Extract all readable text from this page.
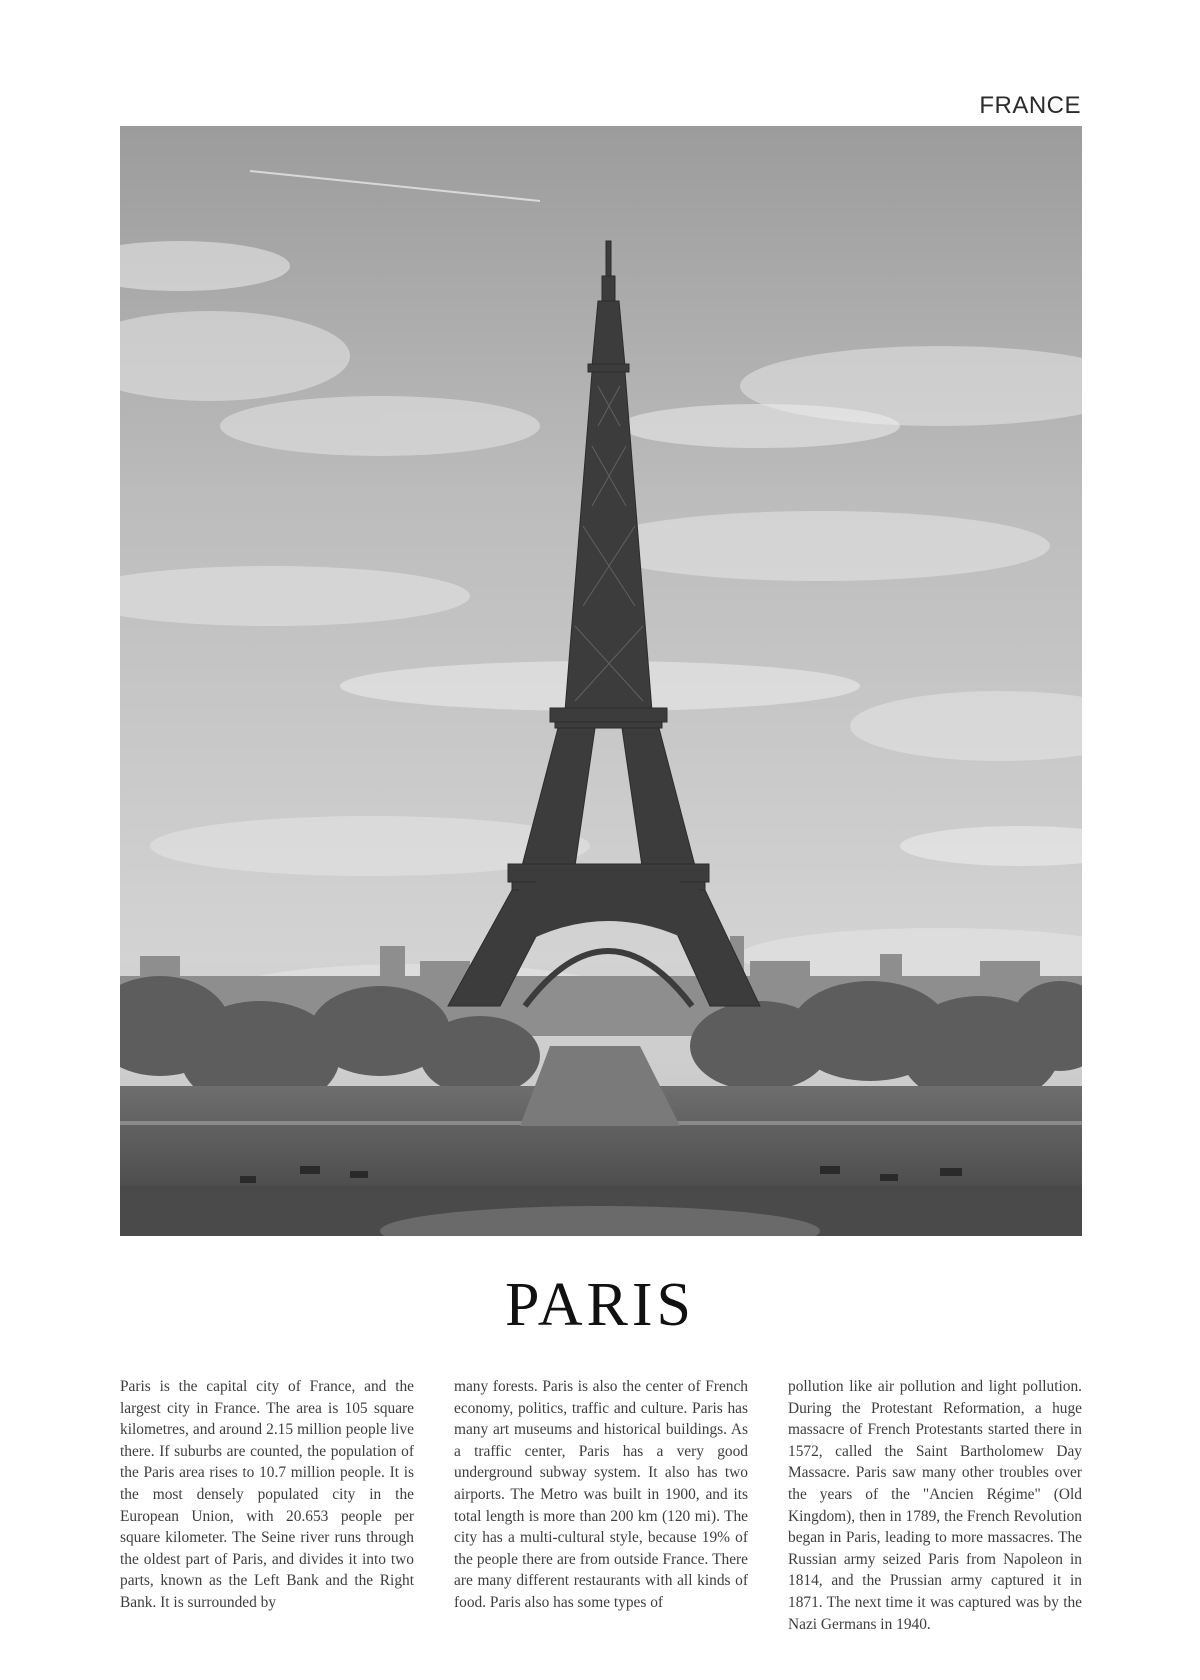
FRANCE
PARIS

Paris is the capital city of France, and the largest city in France. The area is 105 square kilometres, and around 2.15 million people live there. If suburbs are counted, the population of the Paris area rises to 10.7 million people. It is the most densely populated city in the European Union, with 20.653 people per square kilometer. The Seine river runs through the oldest part of Paris, and divides it into two parts, known as the Left Bank and the Right Bank. It is surrounded by

many forests. Paris is also the center of French economy, politics, traffic and culture. Paris has many art museums and historical buildings. As a traffic center, Paris has a very good underground subway system. It also has two airports. The Metro was built in 1900, and its total length is more than 200 km (120 mi). The city has a multi-cultural style, because 19% of the people there are from outside France. There are many different restaurants with all kinds of food. Paris also has some types of

pollution like air pollution and light pollution. During the Protestant Reformation, a huge massacre of French Protestants started there in 1572, called the Saint Bartholomew Day Massacre. Paris saw many other troubles over the years of the "Ancien Régime" (Old Kingdom), then in 1789, the French Revolution began in Paris, leading to more massacres. The Russian army seized Paris from Napoleon in 1814, and the Prussian army captured it in 1871. The next time it was captured was by the Nazi Germans in 1940.
